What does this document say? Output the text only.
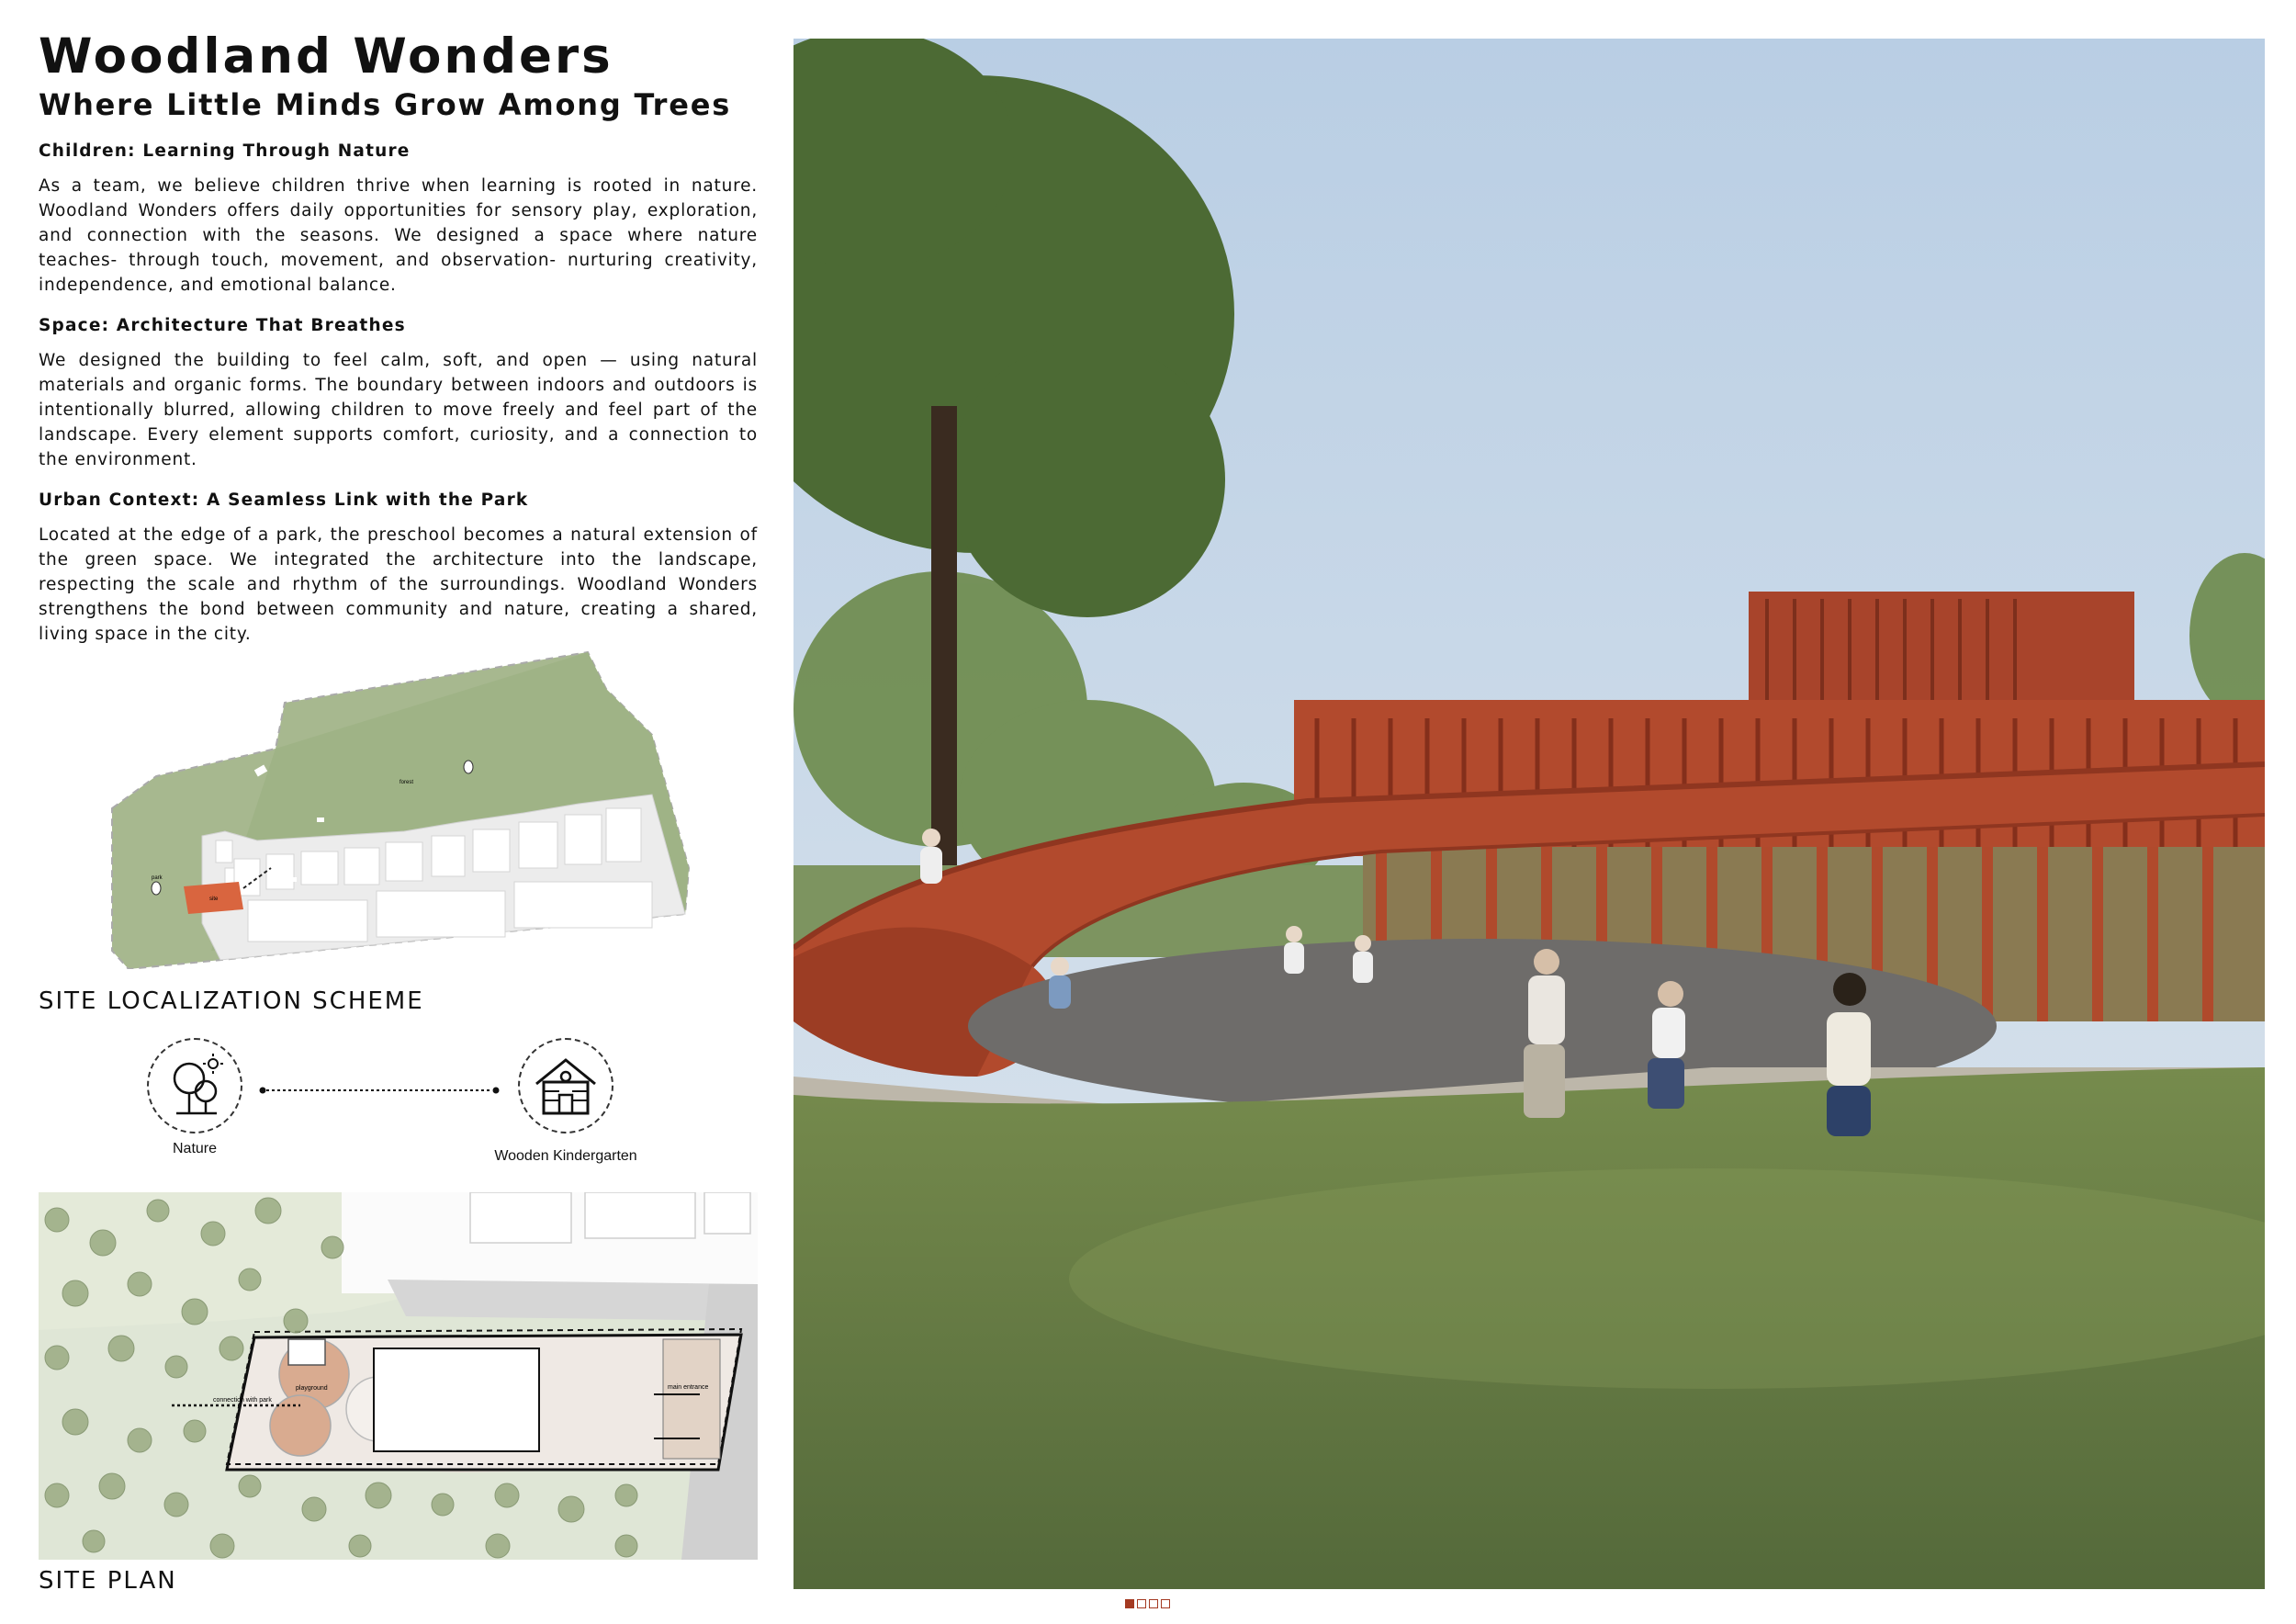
Woodland Wonders
Where Little Minds Grow Among Trees
Children: Learning Through Nature

As a team, we believe children thrive when learning is rooted in nature. Woodland Wonders offers daily opportunities for sensory play, exploration, and connection with the seasons. We designed a space where nature teaches- through touch, movement, and observation- nurturing creativity, independence, and emotional balance.

Space: Architecture That Breathes

We designed the building to feel calm, soft, and open — using natural materials and organic forms. The boundary between indoors and outdoors is intentionally blurred, allowing children to move freely and feel part of the landscape. Every element supports comfort, curiosity, and a connection to the environment.

Urban Context: A Seamless Link with the Park

Located at the edge of a park, the preschool becomes a natural extension of the green space. We integrated the architecture into the landscape, respecting the scale and rhythm of the surroundings. Woodland Wonders strengthens the bond between community and nature, creating a shared, living space in the city.

forest
park
site
SITE LOCALIZATION SCHEME
Nature	Wooden Kindergarten
connection with park
playground	main entrance
SITE PLAN
